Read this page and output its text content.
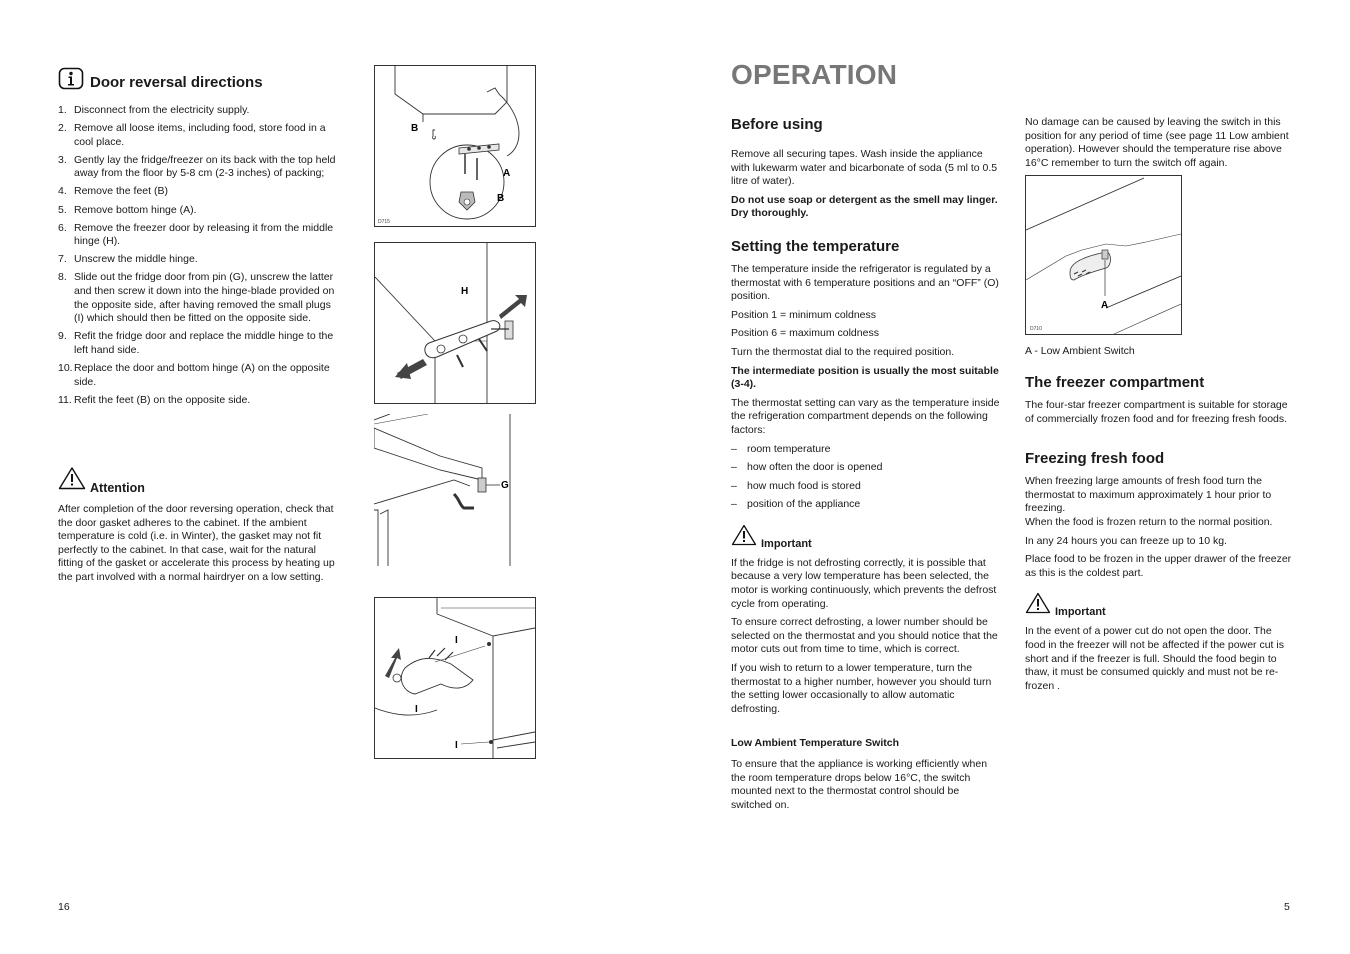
Door reversal directions
1. Disconnect from the electricity supply.
2. Remove all loose items, including food, store food in a cool place.
3. Gently lay the fridge/freezer on its back with the top held away from the floor by 5-8 cm (2-3 inches) of packing;
4. Remove the feet (B)
5. Remove bottom hinge (A).
6. Remove the freezer door by releasing it from the middle hinge (H).
7. Unscrew the middle hinge.
8. Slide out the fridge door from pin (G), unscrew the latter and then screw it down into the hinge-blade provided on the opposite side, after having removed the small plugs (I) which should then be fitted on the opposite side.
9. Refit the fridge door and replace the middle hinge to the left hand side.
10. Replace the door and bottom hinge (A) on the opposite side.
11. Refit the feet (B) on the opposite side.
Attention

After completion of the door reversing operation, check that the door gasket adheres to the cabinet. If the ambient temperature is cold (i.e. in Winter), the gasket may not fit perfectly to the cabinet. In that case, wait for the natural fitting of the gasket or accelerate this process by heating up the part involved with a normal hairdryer on a low setting.

16
B
A
B
D715
H
G
I
I
I
OPERATION
Before using

Remove all securing tapes. Wash inside the appliance with lukewarm water and bicarbonate of soda (5 ml to 0.5 litre of water).

Do not use soap or detergent as the smell may linger. Dry thoroughly.

Setting the temperature

The temperature inside the refrigerator is regulated by a thermostat with 6 temperature positions and an “OFF” (O) position.

Position 1 = minimum coldness

Position 6 = maximum coldness

Turn the thermostat dial to the required position.

The intermediate position is usually the most suitable (3-4).

The thermostat setting can vary as the temperature inside the refrigeration compartment depends on the following factors:

– room temperature
– how often the door is opened
– how much food is stored
– position of the appliance
Important

If the fridge is not defrosting correctly, it is possible that because a very low temperature has been selected, the motor is working continuously, which prevents the defrost cycle from operating.

To ensure correct defrosting, a lower number should be selected on the thermostat and you should notice that the motor cuts out from time to time, which is correct.

If you wish to return to a lower temperature, turn the thermostat to a higher number, however you should turn the setting lower occasionally to allow automatic defrosting.

Low Ambient Temperature Switch

To ensure that the appliance is working efficiently when the room temperature drops below 16°C, the switch mounted next to the thermostat control should be switched on.

No damage can be caused by leaving the switch in this position for any period of time (see page 11 Low ambient operation). However should the temperature rise above 16°C remember to turn the switch off again.

A
D710

A - Low Ambient Switch

The freezer compartment

The four-star freezer compartment is suitable for storage of commercially frozen food and for freezing fresh foods.

Freezing fresh food

When freezing large amounts of fresh food turn the thermostat to maximum approximately 1 hour prior to freezing.

When the food is frozen return to the normal position.

In any 24 hours you can freeze up to 10 kg.

Place food to be frozen in the upper drawer of the freezer as this is the coldest part.

Important

In the event of a power cut do not open the door. The food in the freezer will not be affected if the power cut is short and if the freezer is full. Should the food begin to thaw, it must be consumed quickly and must not be re-frozen .

5
